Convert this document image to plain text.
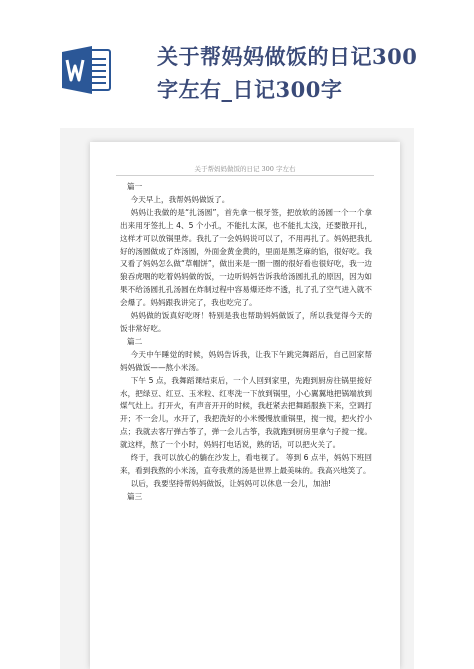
关于帮妈妈做饭的日记300
字左右_日记300字
关于帮妈妈做饭的日记 300 字左右

篇一

今天早上，我帮妈妈做饭了。

妈妈让我做的是“扎汤圆”，首先拿一根牙签，把放软的汤圆一个一个拿出来用牙签扎上 4、5 个小孔，不能扎太深，也不能扎太浅，还要散开扎，这样才可以放锅里炸。我扎了一会妈妈说可以了，不用再扎了。妈妈把我扎好的汤圆做成了炸汤圆，外面金黄金黄的，里面是黑芝麻的馅，很好吃。我又看了妈妈怎么做“草帽饼”，做出来是一圈一圈的很好看也很好吃，我一边狼吞虎咽的吃着妈妈做的饭，一边听妈妈告诉我给汤圆扎孔的原因，因为如果不给汤圆扎孔汤圆在炸制过程中容易爆还炸不透，扎了孔了空气进入就不会爆了。妈妈跟我讲完了，我也吃完了。

妈妈做的饭真好吃呀！特别是我也帮助妈妈做饭了，所以我觉得今天的饭非常好吃。

篇二

今天中午睡觉的时候，妈妈告诉我，让我下午跳完舞蹈后，自己回家帮妈妈做饭——熬小米汤。

下午 5 点，我舞蹈课结束后，一个人回到家里，先跑到厨房往锅里接好水，把绿豆、红豆、玉米粒、红枣洗一下放到锅里，小心翼翼地把锅端放到煤气灶上。打开火，有声音开开的时候，我赶紧去把舞蹈服换下来，空调打开；不一会儿，水开了，我把洗好的小米慢慢放重锅里，搅一搅，把火拧小点；我就去客厅弹古筝了，弹一会儿古筝，我就跑到厨房里拿勺子搅一搅。就这样，熬了一个小时，妈妈打电话说，熟的话，可以把火关了。

终于，我可以放心的躺在沙发上，看电视了。 等到 6 点半，妈妈下班回来，看到我熬的小米汤，直夸我煮的汤是世界上最美味的。我高兴地笑了。

以后，我要坚持帮妈妈做饭，让妈妈可以休息一会儿，加油!

篇三
